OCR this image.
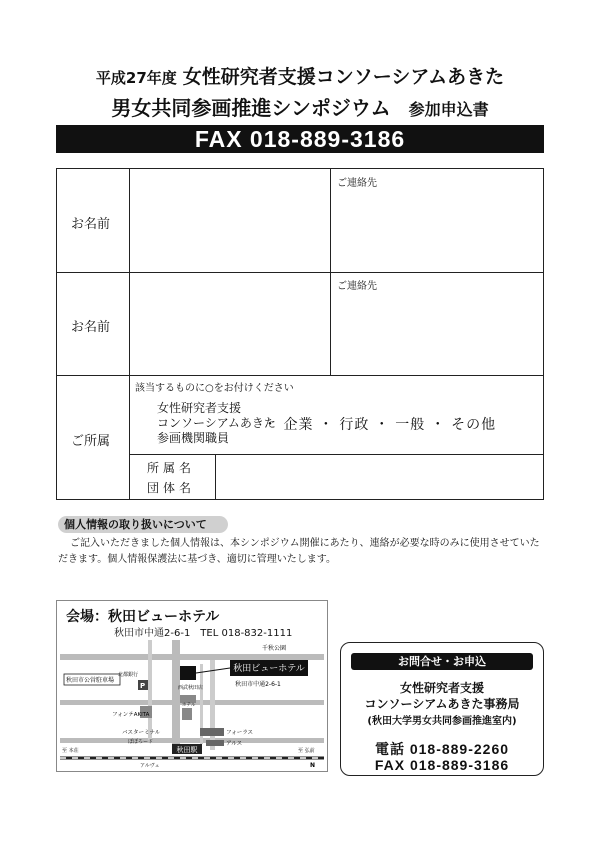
平成27年度 女性研究者支援コンソーシアムあきた
男女共同参画推進シンポジウム 参加申込書
FAX 018-889-3186
お名前
ご連絡先
お名前
ご連絡先
ご所属
該当するものに○をお付けください
女性研究者支援
コンソーシアムあきた
参画機関職員
・ 企業 ・ 行政 ・ 一般 ・ その他
所属名
団体名
個人情報の取り扱いについて
ご記入いただきました個人情報は、本シンポジウム開催にあたり、連絡が必要な時のみに使用させていただきます。個人情報保護法に基づき、適切に管理いたします。
会場：秋田ビューホテル
秋田市中通2-6-1　TEL 018-832-1111
千秋公園
秋田市公営駐車場
北都銀行
P
秋田ビューホテル
秋田市中通2-6-1
西武秋田店
フォンテAKITA
バスターミナル
ぽぽろード
フォーラス
アルス
秋田駅
至 本荘	至 弘前
アルヴェ
ホテル
N
お問合せ・お申込
女性研究者支援
コンソーシアムあきた事務局
(秋田大学男女共同参画推進室内)
電話 018-889-2260
FAX 018-889-3186
